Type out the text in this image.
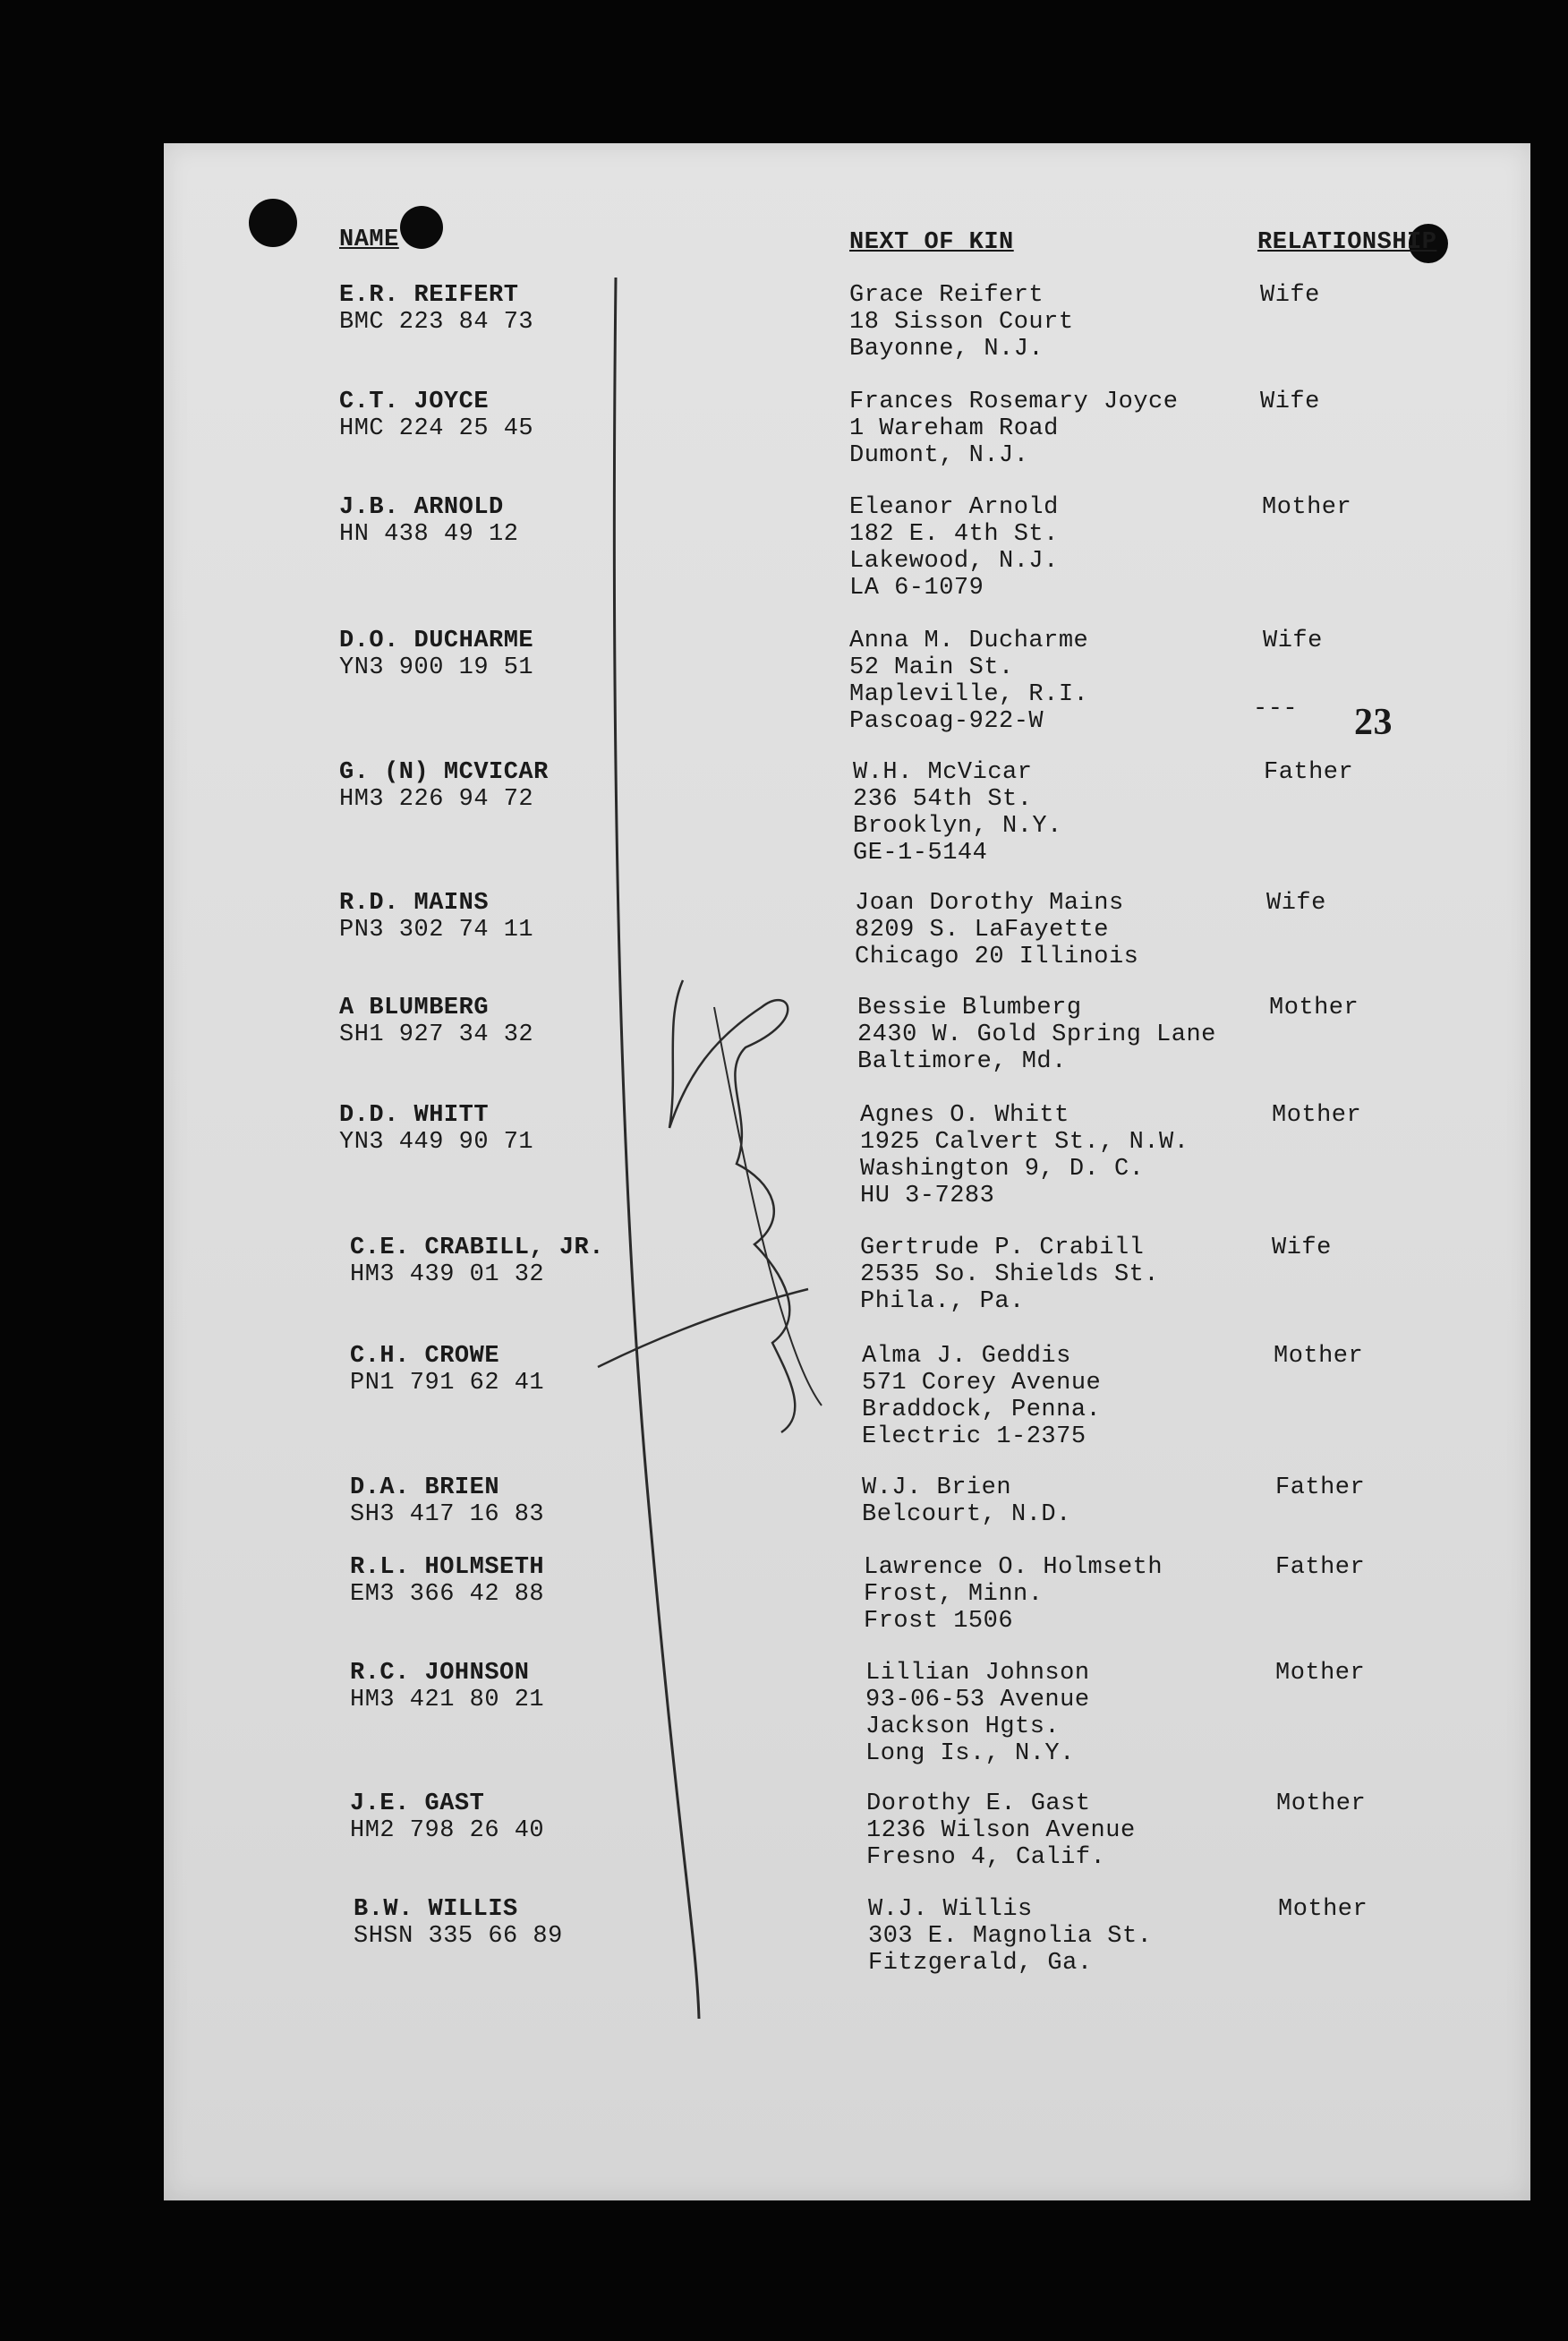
NAME	NEXT OF KIN	RELATIONSHIP
E.R. REIFERT
BMC 223 84 73
Grace Reifert
18 Sisson Court
Bayonne, N.J.
Wife
C.T. JOYCE
HMC 224 25 45
Frances Rosemary Joyce
1 Wareham Road
Dumont, N.J.
Wife
J.B. ARNOLD
HN 438 49 12
Eleanor Arnold
182 E. 4th St.
Lakewood, N.J.
LA 6-1079
Mother
D.O. DUCHARME
YN3 900 19 51
Anna M. Ducharme
52 Main St.
Mapleville, R.I.
Pascoag-922-W
Wife
G. (N) MCVICAR
HM3 226 94 72
W.H. McVicar
236 54th St.
Brooklyn, N.Y.
GE-1-5144
Father
R.D. MAINS
PN3 302 74 11
Joan Dorothy Mains
8209 S. LaFayette
Chicago 20 Illinois
Wife
A BLUMBERG
SH1 927 34 32
Bessie Blumberg
2430 W. Gold Spring Lane
Baltimore, Md.
Mother
D.D. WHITT
YN3 449 90 71
Agnes O. Whitt
1925 Calvert St., N.W.
Washington 9, D. C.
HU 3-7283
Mother
C.E. CRABILL, JR.
HM3 439 01 32
Gertrude P. Crabill
2535 So. Shields St.
Phila., Pa.
Wife
C.H. CROWE
PN1 791 62 41
Alma J. Geddis
571 Corey Avenue
Braddock, Penna.
Electric 1-2375
Mother
D.A. BRIEN
SH3 417 16 83
W.J. Brien
Belcourt, N.D.
Father
R.L. HOLMSETH
EM3 366 42 88
Lawrence O. Holmseth
Frost, Minn.
Frost 1506
Father
R.C. JOHNSON
HM3 421 80 21
Lillian Johnson
93-06-53 Avenue
Jackson Hgts.
Long Is., N.Y.
Mother
J.E. GAST
HM2 798 26 40
Dorothy E. Gast
1236 Wilson Avenue
Fresno 4, Calif.
Mother
B.W. WILLIS
SHSN 335 66 89
W.J. Willis
303 E. Magnolia St.
Fitzgerald, Ga.
Mother
--- 23
